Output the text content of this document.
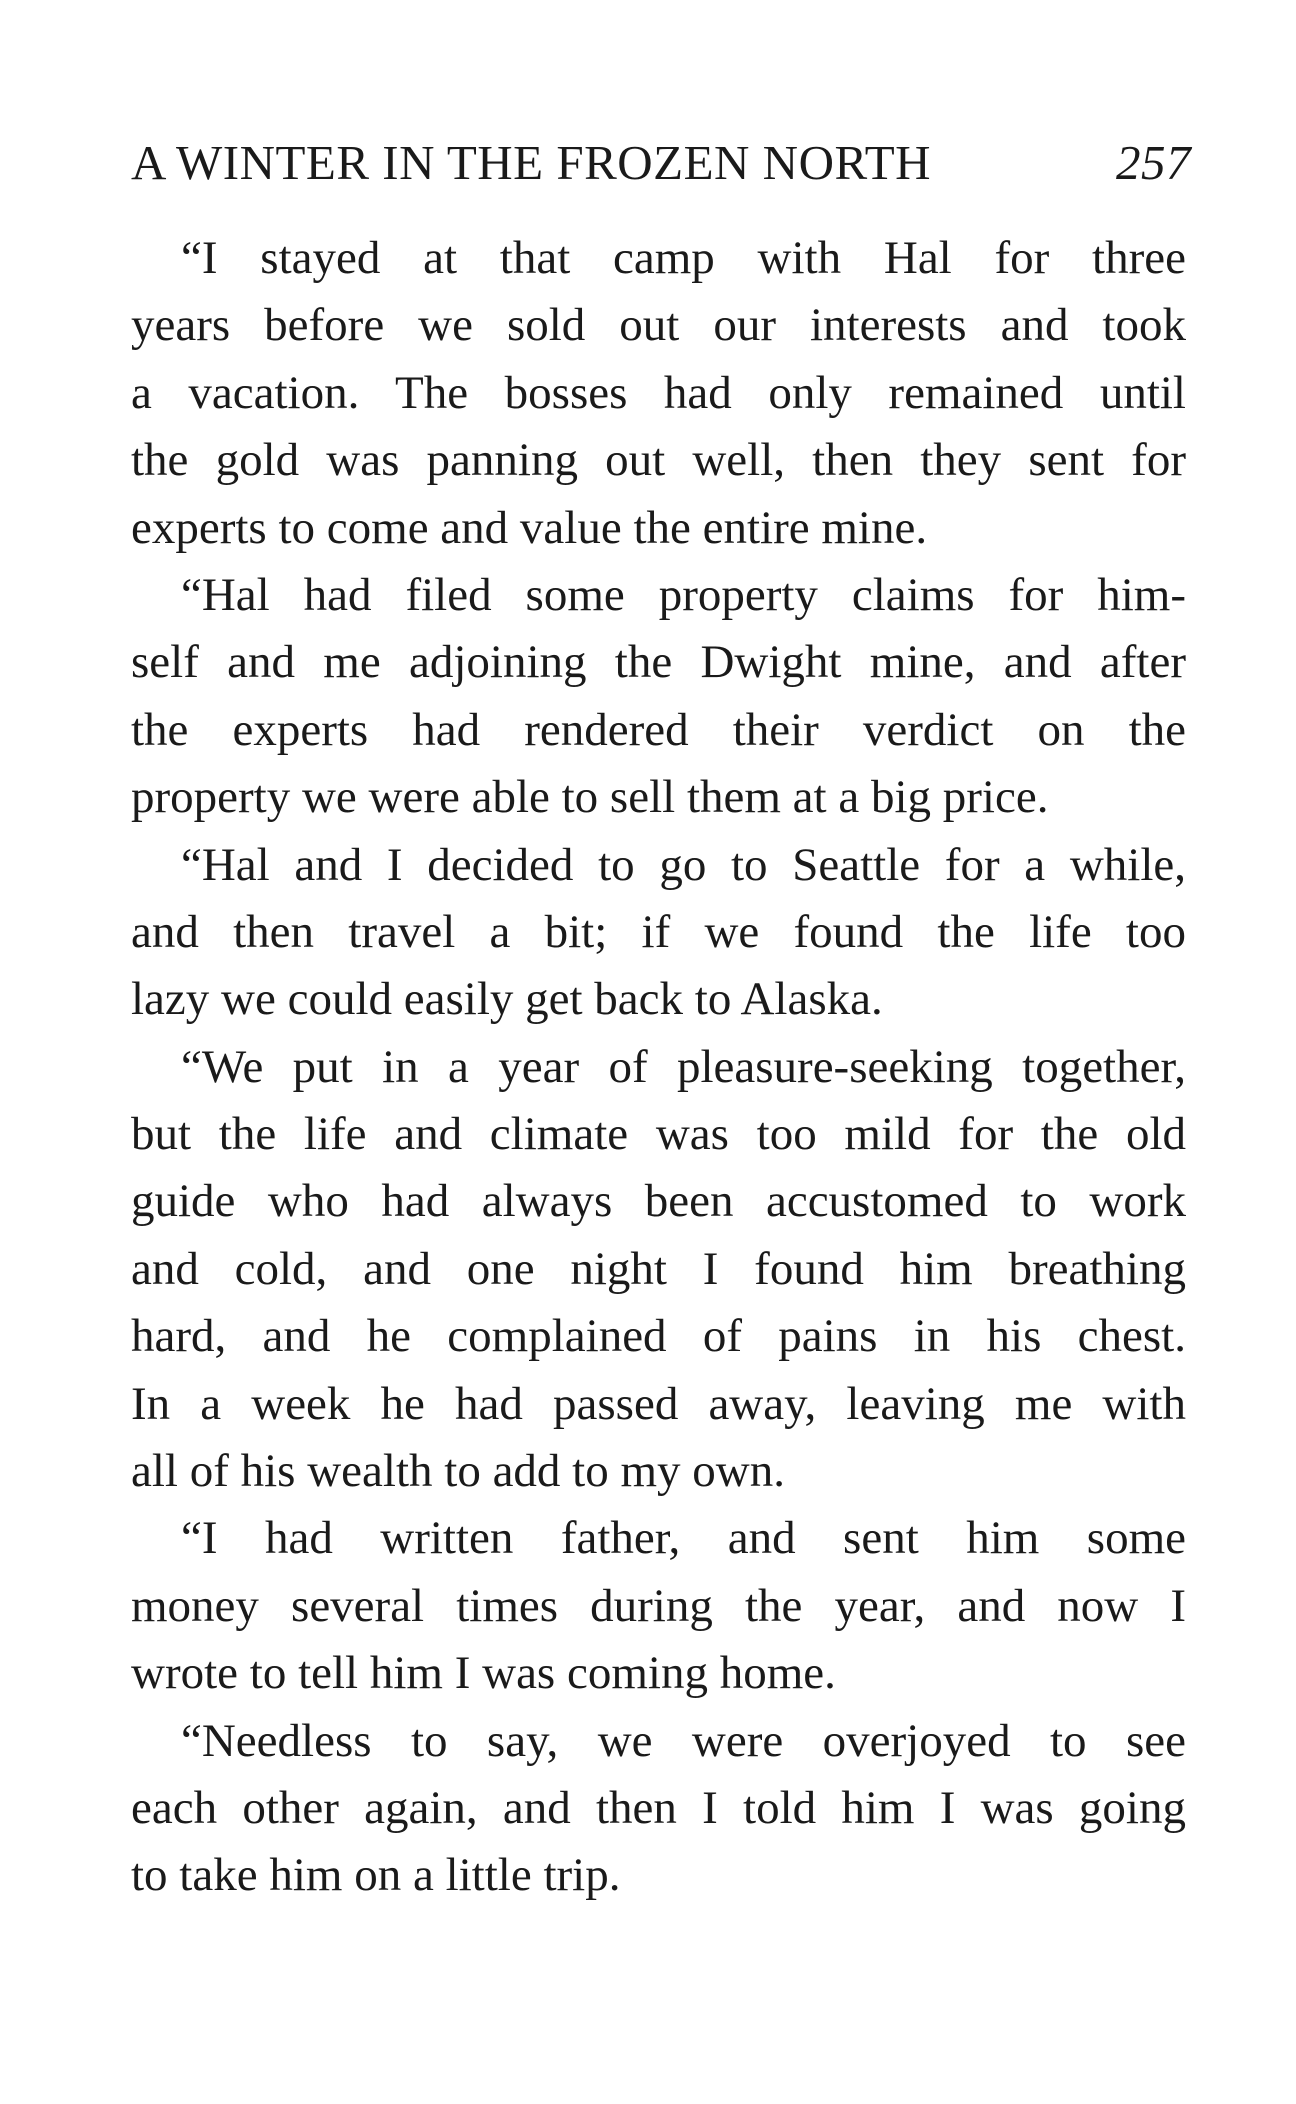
A WINTER IN THE FROZEN NORTH	257
“I stayed at that camp with Hal for three
years before we sold out our interests and took
a vacation. The bosses had only remained until
the gold was panning out well, then they sent for
experts to come and value the entire mine.
“Hal had filed some property claims for him-
self and me adjoining the Dwight mine, and after
the experts had rendered their verdict on the
property we were able to sell them at a big price.
“Hal and I decided to go to Seattle for a while,
and then travel a bit; if we found the life too
lazy we could easily get back to Alaska.
“We put in a year of pleasure-seeking together,
but the life and climate was too mild for the old
guide who had always been accustomed to work
and cold, and one night I found him breathing
hard, and he complained of pains in his chest.
In a week he had passed away, leaving me with
all of his wealth to add to my own.
“I had written father, and sent him some
money several times during the year, and now I
wrote to tell him I was coming home.
“Needless to say, we were overjoyed to see
each other again, and then I told him I was going
to take him on a little trip.
